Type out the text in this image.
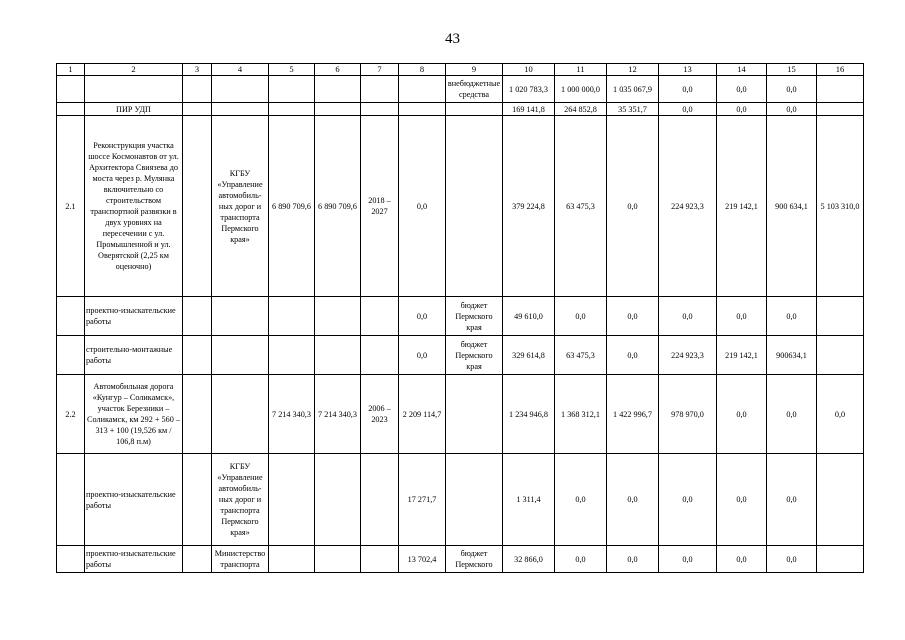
43
1	2	3	4	5	6	7	8	9	10	11	12	13	14	15	16
								внебюджетные средства	1 020 783,3	1 000 000,0	1 035 067,9	0,0	0,0	0,0	
	ПИР УДП								169 141,8	264 852,8	35 351,7	0,0	0,0	0,0	
2.1	Реконструкция участка шоссе Космонавтов от ул. Архитектора Свиязева до моста через р. Мулянка включительно со строительством транспортной развязки в двух уровнях на пересечении с ул. Промышленной и ул. Оверятской (2,25 км оценочно)		КГБУ «Управление автомобиль-ных дорог и транспорта Пермского края»	6 890 709,6	6 890 709,6	2018 – 2027	0,0		379 224,8	63 475,3	0,0	224 923,3	219 142,1	900 634,1	5 103 310,0
	проектно-изыскательские работы						0,0	бюджет Пермского края	49 610,0	0,0	0,0	0,0	0,0	0,0	
	строительно-монтажные работы						0,0	бюджет Пермского края	329 614,8	63 475,3	0,0	224 923,3	219 142,1	900634,1	
2.2	Автомобильная дорога «Кунгур – Соликамск», участок Березники – Соликамск, км 292 + 560 – 313 + 100 (19,526 км / 106,8 п.м)			7 214 340,3	7 214 340,3	2006 – 2023	2 209 114,7		1 234 946,8	1 368 312,1	1 422 996,7	978 970,0	0,0	0,0	0,0
	проектно-изыскательские работы		КГБУ «Управление автомобиль-ных дорог и транспорта Пермского края»				17 271,7		1 311,4	0,0	0,0	0,0	0,0	0,0	
	проектно-изыскательские работы		Министерство транспорта				13 702,4	бюджет Пермского	32 866,0	0,0	0,0	0,0	0,0	0,0	
